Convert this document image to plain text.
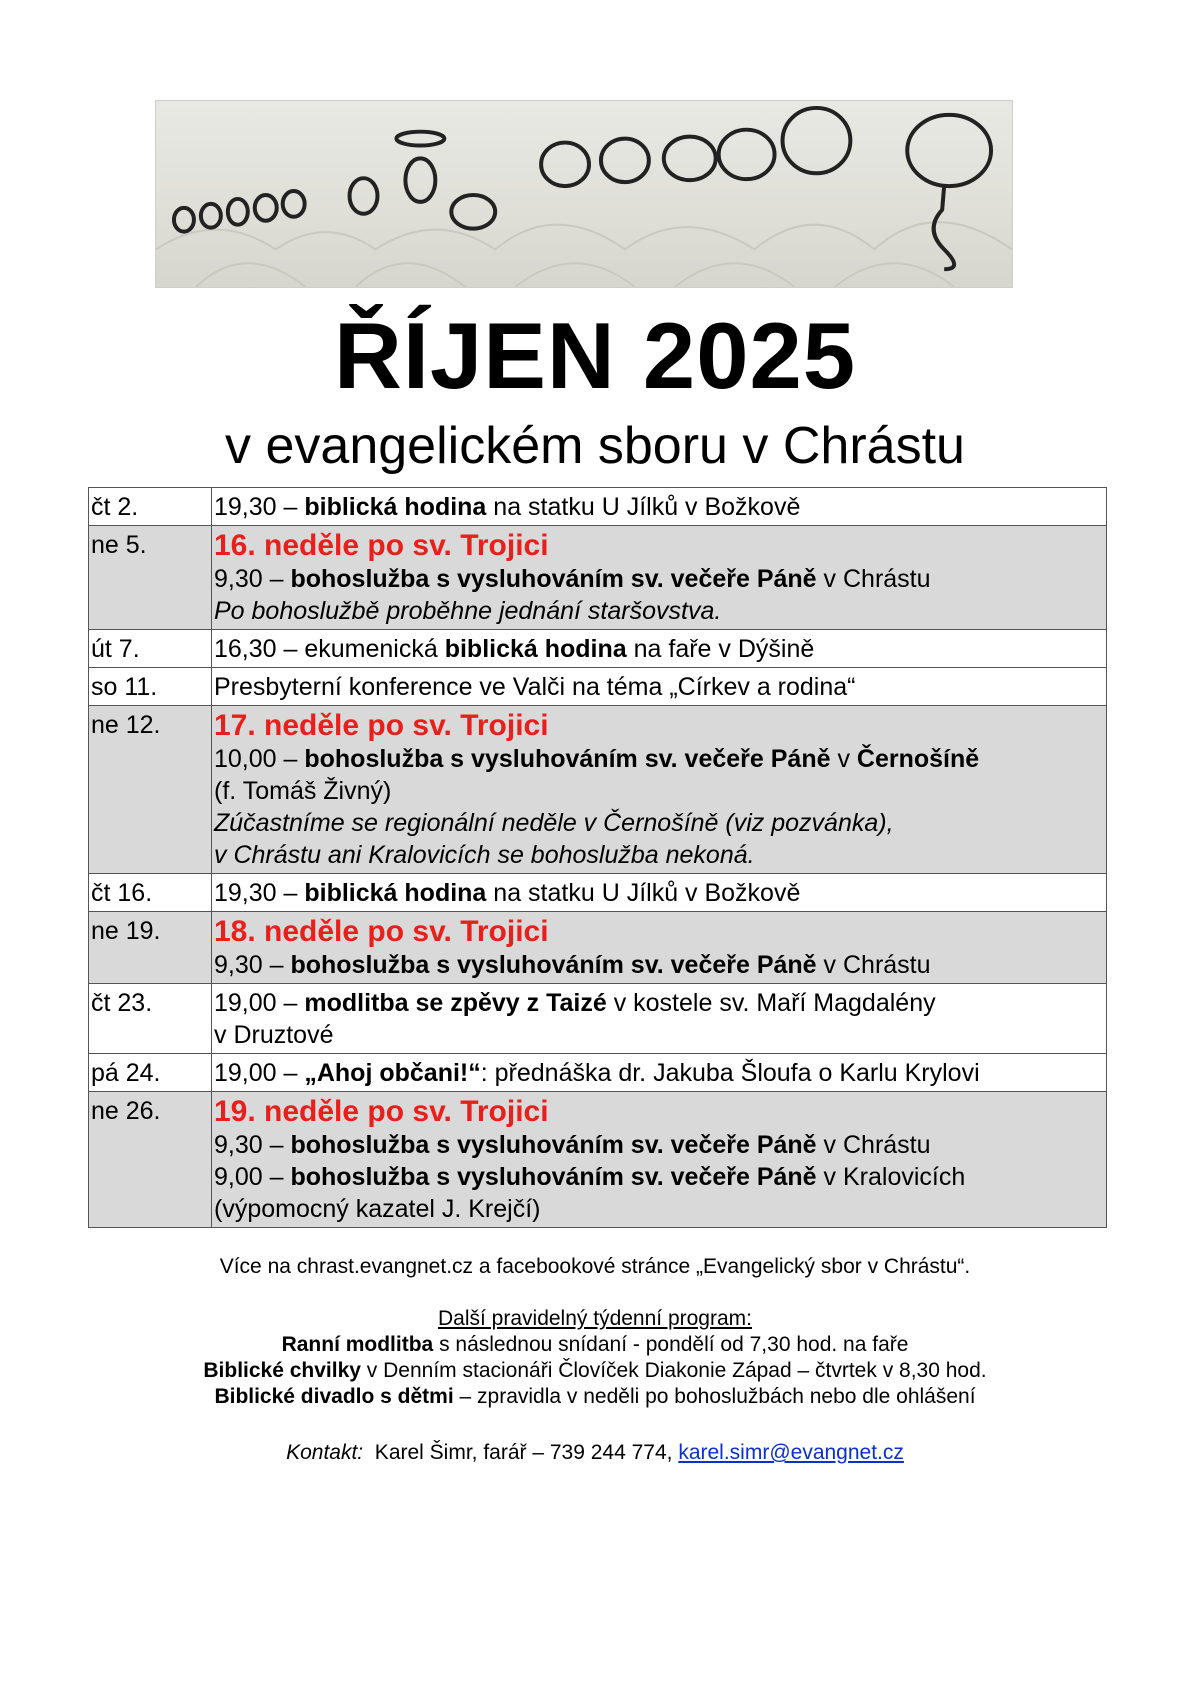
ŘÍJEN 2025
v evangelickém sboru v Chrástu
čt 2.	19,30 – biblická hodina na statku U Jílků v Božkově

ne 5.	16. neděle po sv. Trojici
9,30 – bohoslužba s vysluhováním sv. večeře Páně v Chrástu
Po bohoslužbě proběhne jednání staršovstva.

út 7.	16,30 – ekumenická biblická hodina na faře v Dýšině

so 11.	Presbyterní konference ve Valči na téma „Církev a rodina“

ne 12.	17. neděle po sv. Trojici
10,00 – bohoslužba s vysluhováním sv. večeře Páně v Černošíně
(f. Tomáš Živný)
Zúčastníme se regionální neděle v Černošíně (viz pozvánka),
v Chrástu ani Kralovicích se bohoslužba nekoná.

čt 16.	19,30 – biblická hodina na statku U Jílků v Božkově

ne 19.	18. neděle po sv. Trojici
9,30 – bohoslužba s vysluhováním sv. večeře Páně v Chrástu

čt 23.	19,00 – modlitba se zpěvy z Taizé v kostele sv. Maří Magdalény
v Druztové

pá 24.	19,00 – „Ahoj občani!“: přednáška dr. Jakuba Šloufa o Karlu Krylovi

ne 26.	19. neděle po sv. Trojici
9,30 – bohoslužba s vysluhováním sv. večeře Páně v Chrástu
9,00 – bohoslužba s vysluhováním sv. večeře Páně v Kralovicích
(výpomocný kazatel J. Krejčí)
Více na chrast.evangnet.cz a facebookové stránce „Evangelický sbor v Chrástu“.
Další pravidelný týdenní program:
Ranní modlitba s následnou snídaní - pondělí od 7,30 hod. na faře
Biblické chvilky v Denním stacionáři Človíček Diakonie Západ – čtvrtek v 8,30 hod.
Biblické divadlo s dětmi – zpravidla v neděli po bohoslužbách nebo dle ohlášení
Kontakt:  Karel Šimr, farář – 739 244 774, karel.simr@evangnet.cz
